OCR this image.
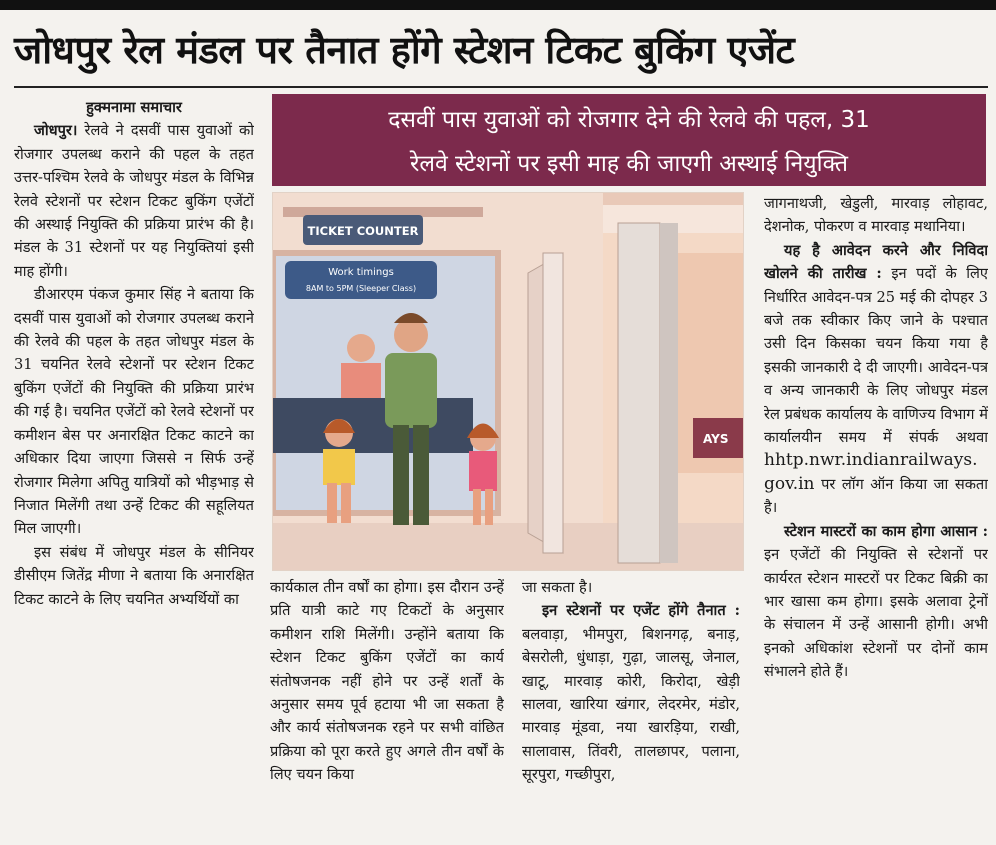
जोधपुर रेल मंडल पर तैनात होंगे स्टेशन टिकट बुकिंग एजेंट
दसवीं पास युवाओं को रोजगार देने की रेलवे की पहल, 31
रेलवे स्टेशनों पर इसी माह की जाएगी अस्थाई नियुक्ति
हुक्मनामा समाचार

जोधपुर। रेलवे ने दसवीं पास युवाओं को रोजगार उपलब्ध कराने की पहल के तहत उत्तर-पश्चिम रेलवे के जोधपुर मंडल के विभिन्न रेलवे स्टेशनों पर स्टेशन टिकट बुकिंग एजेंटों की अस्थाई नियुक्ति की प्रक्रिया प्रारंभ की है। मंडल के 31 स्टेशनों पर यह नियुक्तियां इसी माह होंगी।

डीआरएम पंकज कुमार सिंह ने बताया कि दसवीं पास युवाओं को रोजगार उपलब्ध कराने की रेलवे की पहल के तहत जोधपुर मंडल के 31 चयनित रेलवे स्टेशनों पर स्टेशन टिकट बुकिंग एजेंटों की नियुक्ति की प्रक्रिया प्रारंभ की गई है। चयनित एजेंटों को रेलवे स्टेशनों पर कमीशन बेस पर अनारक्षित टिकट काटने का अधिकार दिया जाएगा जिससे न सिर्फ उन्हें रोजगार मिलेगा अपितु यात्रियों को भीड़भाड़ से निजात मिलेंगी तथा उन्हें टिकट की सहूलियत मिल जाएगी।

इस संबंध में जोधपुर मंडल के सीनियर डीसीएम जितेंद्र मीणा ने बताया कि अनारक्षित टिकट काटने के लिए चयनित अभ्यर्थियों का

AYS
TICKET COUNTER
Work timings
8AM to 5PM (Sleeper Class)

कार्यकाल तीन वर्षों का होगा। इस दौरान उन्हें प्रति यात्री काटे गए टिकटों के अनुसार कमीशन राशि मिलेंगी। उन्होंने बताया कि स्टेशन टिकट बुकिंग एजेंटों का कार्य संतोषजनक नहीं होने पर उन्हें शर्तों के अनुसार समय पूर्व हटाया भी जा सकता है और कार्य संतोषजनक रहने पर सभी वांछित प्रक्रिया को पूरा करते हुए अगले तीन वर्षों के लिए चयन किया

जा सकता है।

इन स्टेशनों पर एजेंट होंगे तैनात : बलवाड़ा, भीमपुरा, बिशनगढ़, बनाड़, बेसरोली, धुंधाड़ा, गुढ़ा, जालसू, जेनाल, खाटू, मारवाड़ कोरी, किरोदा, खेड़ी सालवा, खारिया खंगार, लेदरमेर, मंडोर, मारवाड़ मूंडवा, नया खारड़िया, राखी, सालावास, तिंवरी, तालछापर, पलाना, सूरपुरा, गच्छीपुरा,

जागनाथजी, खेडुली, मारवाड़ लोहावट, देशनोक, पोकरण व मारवाड़ मथानिया।

यह है आवेदन करने और निविदा खोलने की तारीख : इन पदों के लिए निर्धारित आवेदन-पत्र 25 मई की दोपहर 3 बजे तक स्वीकार किए जाने के पश्चात उसी दिन किसका चयन किया गया है इसकी जानकारी दे दी जाएगी। आवेदन-पत्र व अन्य जानकारी के लिए जोधपुर मंडल रेल प्रबंधक कार्यालय के वाणिज्य विभाग में कार्यालयीन समय में संपर्क अथवा hhtp.nwr.indianrailways. gov.in पर लॉग ऑन किया जा सकता है।

स्टेशन मास्टरों का काम होगा आसान : इन एजेंटों की नियुक्ति से स्टेशनों पर कार्यरत स्टेशन मास्टरों पर टिकट बिक्री का भार खासा कम होगा। इसके अलावा ट्रेनों के संचालन में उन्हें आसानी होगी। अभी इनको अधिकांश स्टेशनों पर दोनों काम संभालने होते हैं।
